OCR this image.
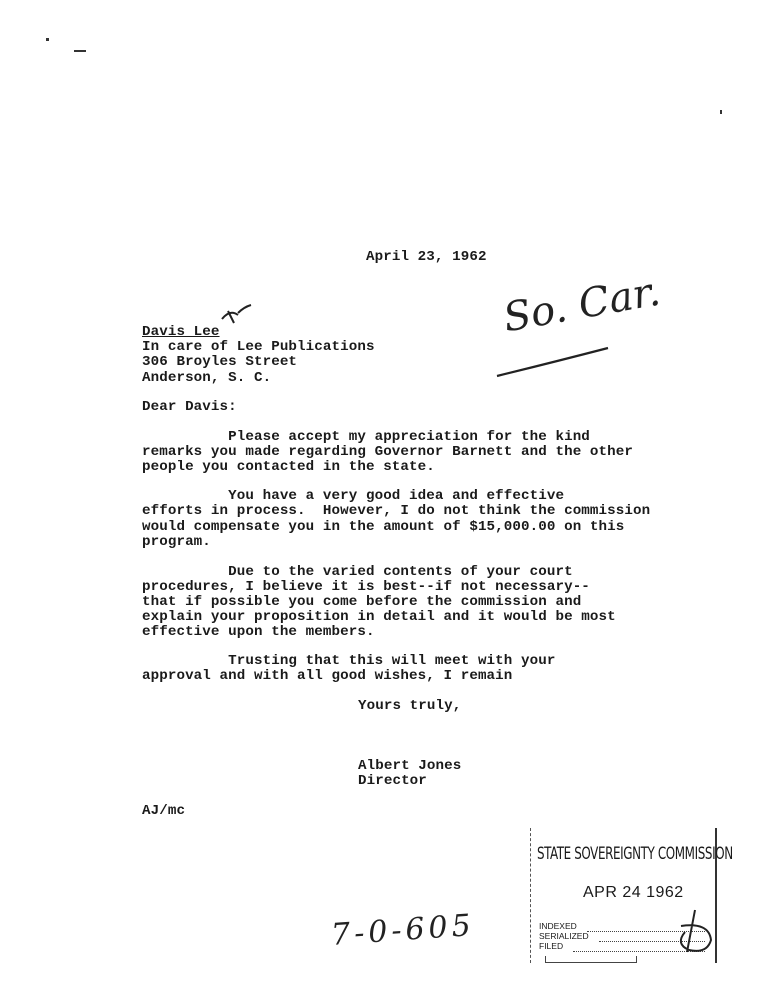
April 23, 1962
Davis Lee
In care of Lee Publications
306 Broyles Street
Anderson, S. C.
Dear Davis:
Please accept my appreciation for the kind
remarks you made regarding Governor Barnett and the other
people you contacted in the state.
You have a very good idea and effective
efforts in process.  However, I do not think the commission
would compensate you in the amount of $15,000.00 on this
program.
Due to the varied contents of your court
procedures, I believe it is best--if not necessary--
that if possible you come before the commission and
explain your proposition in detail and it would be most
effective upon the members.
Trusting that this will meet with your
approval and with all good wishes, I remain
Yours truly,
Albert Jones
Director
AJ/mc
So. Car.
7-0-605
STATE SOVEREIGNTY COMMISSION
APR 24 1962
INDEXED
SERIALIZED
FILED
